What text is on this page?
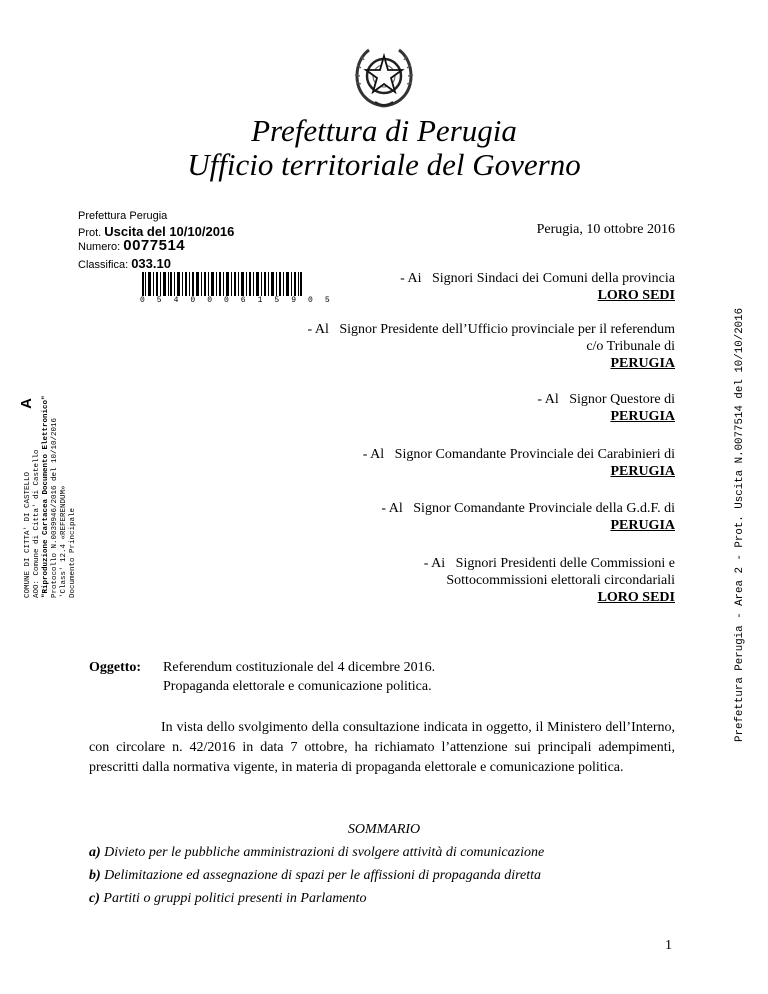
Prefettura di Perugia
Ufficio territoriale del Governo
Prefettura Perugia
Prot. Uscita del 10/10/2016
Numero: 0077514
Classifica: 033.10
0 5 4 0 0 0 6 1 5 9 0 5
Perugia, 10 ottobre 2016
- Ai Signori Sindaci dei Comuni della provincia
LORO SEDI
- Al Signor Presidente dell’Ufficio provinciale per il referendum
c/o Tribunale di
PERUGIA
- Al Signor Questore di
PERUGIA
- Al Signor Comandante Provinciale dei Carabinieri di
PERUGIA
- Al Signor Comandante Provinciale della G.d.F. di
PERUGIA
- Ai Signori Presidenti delle Commissioni e
Sottocommissioni elettorali circondariali
LORO SEDI
COMUNE DI CITTA' DI CASTELLO AOO: Comune di Citta' di Castello "Riproduzione Cartacea Documento Elettronico" Protocollo N.0039946/2016 del 10/10/2016 'Class' 12.4 «REFERENDUM» Documento Principale
A	Prefettura Perugia - Area 2 - Prot. Uscita N.0077514 del 10/10/2016
Oggetto: Referendum costituzionale del 4 dicembre 2016.
Propaganda elettorale e comunicazione politica.
In vista dello svolgimento della consultazione indicata in oggetto, il Ministero dell’Interno, con circolare n. 42/2016 in data 7 ottobre, ha richiamato l’attenzione sui principali adempimenti, prescritti dalla normativa vigente, in materia di propaganda elettorale e comunicazione politica.
SOMMARIO
a) Divieto per le pubbliche amministrazioni di svolgere attività di comunicazione
b) Delimitazione ed assegnazione di spazi per le affissioni di propaganda diretta
c) Partiti o gruppi politici presenti in Parlamento
1
